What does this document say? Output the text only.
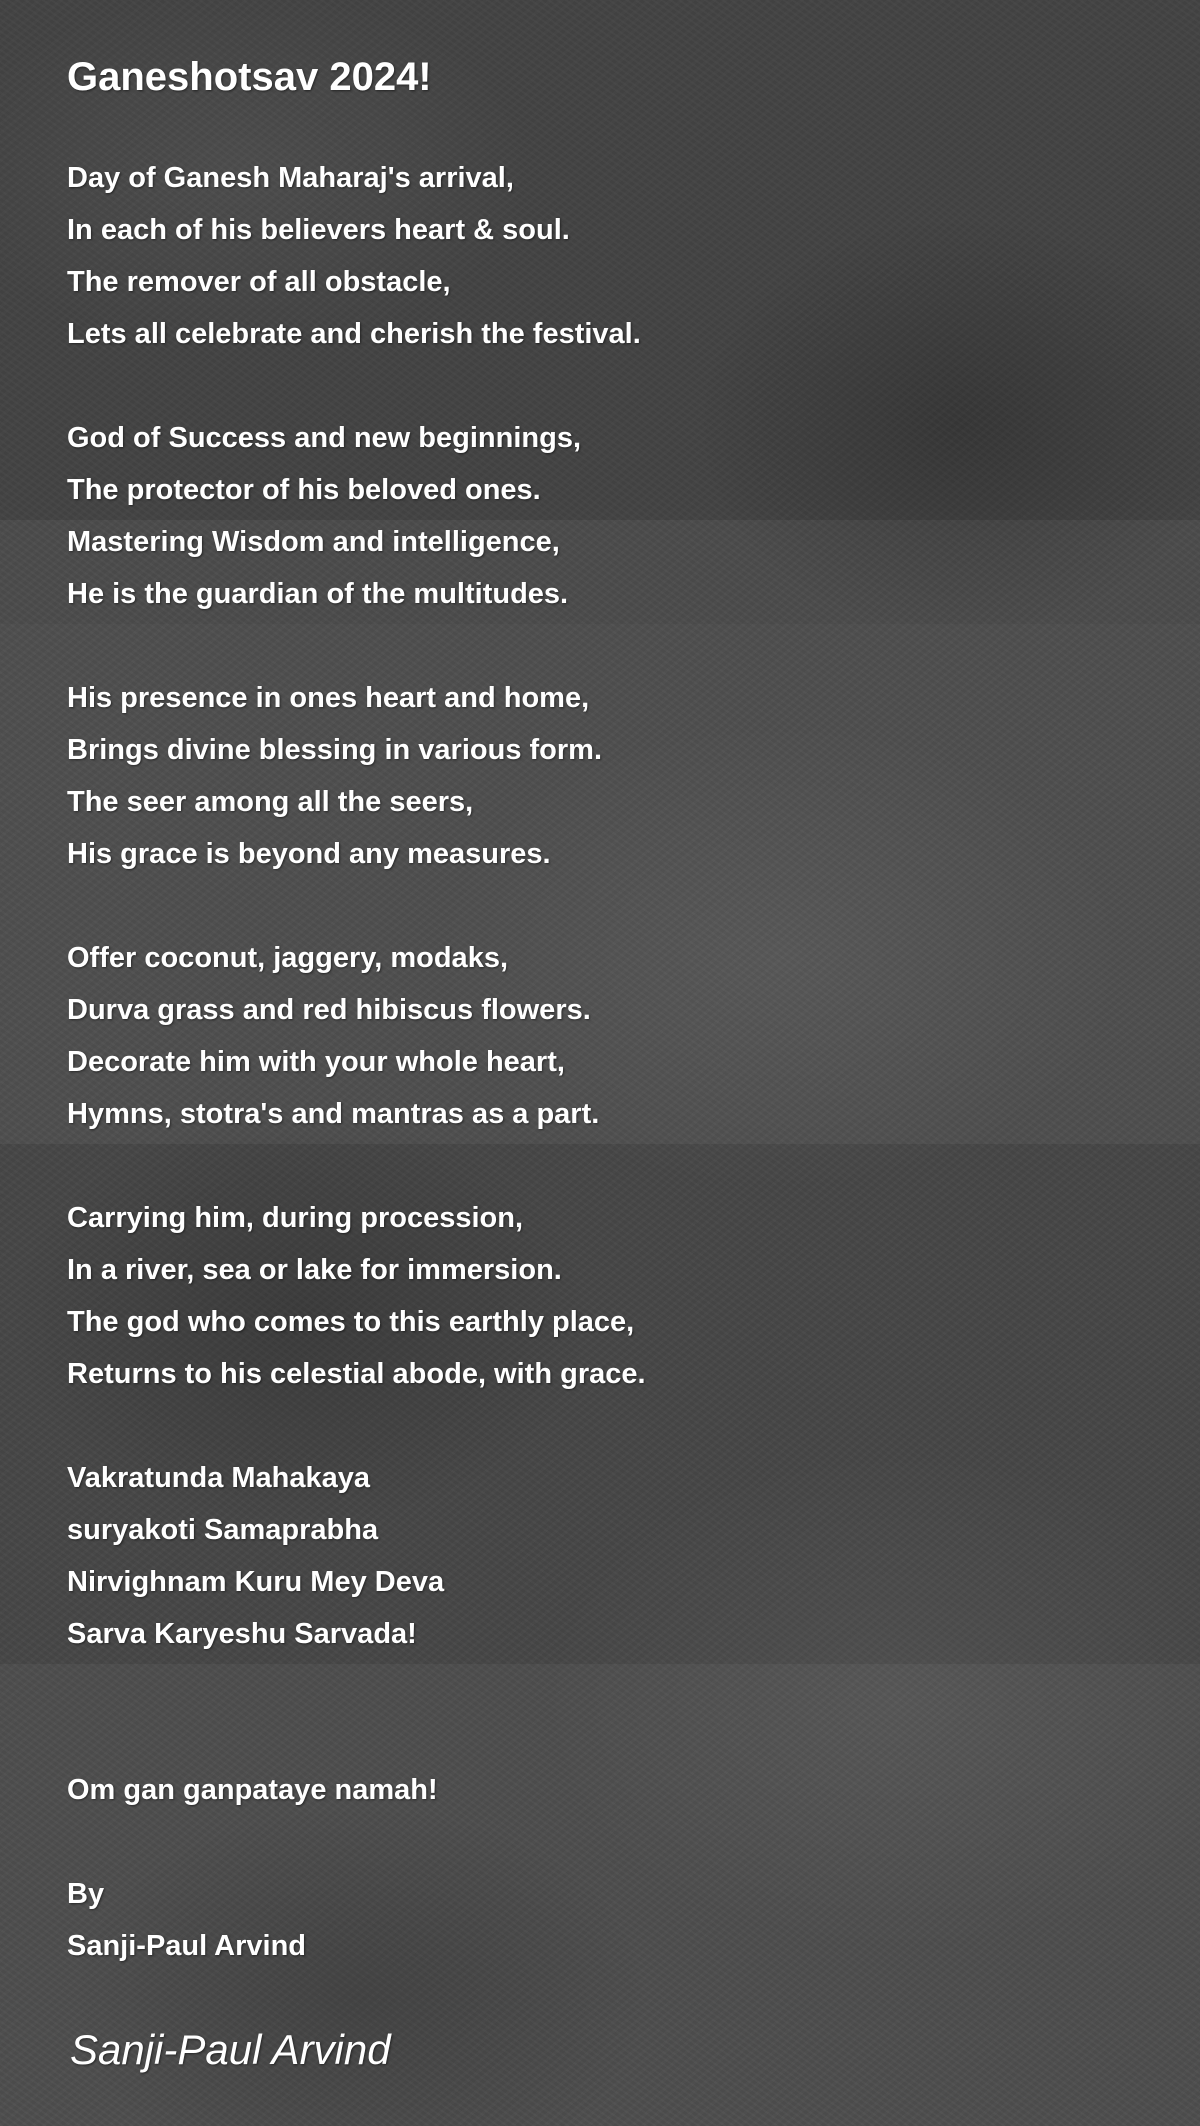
Ganeshotsav 2024!
Day of Ganesh Maharaj's arrival,
In each of his believers heart & soul.
The remover of all obstacle,
Lets all celebrate and cherish the festival.
God of Success and new beginnings,
The protector of his beloved ones.
Mastering Wisdom and intelligence,
He is the guardian of the multitudes.
His presence in ones heart and home,
Brings divine blessing in various form.
The seer among all the seers,
His grace is beyond any measures.
Offer coconut, jaggery, modaks,
Durva grass and red hibiscus flowers.
Decorate him with your whole heart,
Hymns, stotra's and mantras as a part.
Carrying him, during procession,
In a river, sea or lake for immersion.
The god who comes to this earthly place,
Returns to his celestial abode, with grace.
Vakratunda Mahakaya
suryakoti Samaprabha
Nirvighnam Kuru Mey Deva
Sarva Karyeshu Sarvada!
Om gan ganpataye namah!
By
Sanji-Paul Arvind
Sanji-Paul Arvind
